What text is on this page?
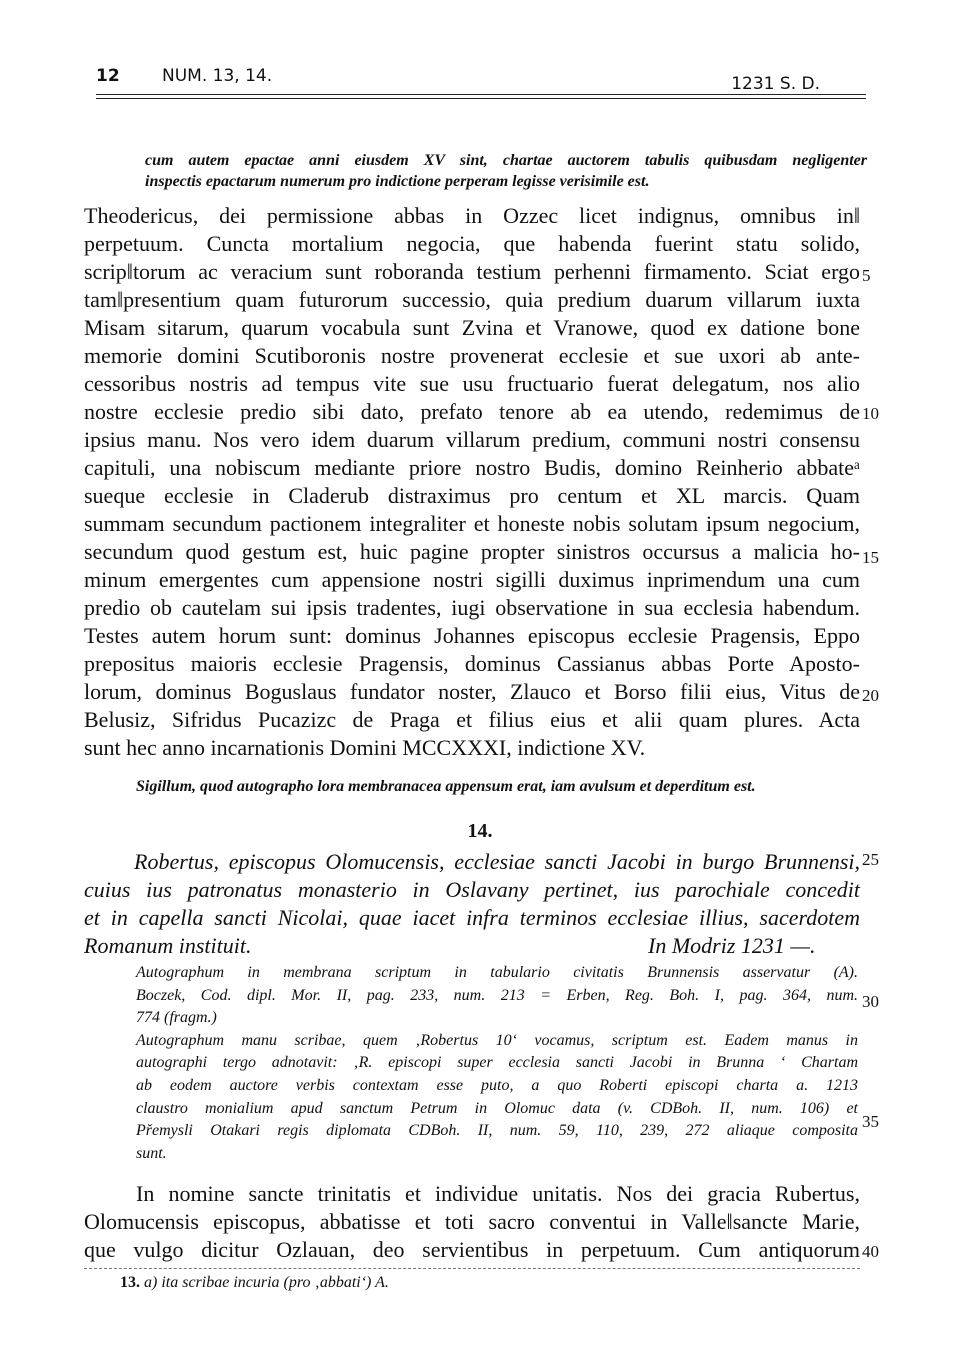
12 NUM. 13, 14.	1231 S. D.
cum autem epactae anni eiusdem XV sint, chartae auctorem tabulis quibusdam negligenter
inspectis epactarum numerum pro indictione perperam legisse verisimile est.
Theodericus, dei permissione abbas in Ozzec licet indignus, omnibus in‖
perpetuum. Cuncta mortalium negocia, que habenda fuerint statu solido,
scrip‖torum ac veracium sunt roboranda testium perhenni firmamento. Sciat ergo
tam‖presentium quam futurorum successio, quia predium duarum villarum iuxta
Misam sitarum, quarum vocabula sunt Zvina et Vranowe, quod ex datione bone
memorie domini Scutiboronis nostre provenerat ecclesie et sue uxori ab ante-
cessoribus nostris ad tempus vite sue usu fructuario fuerat delegatum, nos alio
nostre ecclesie predio sibi dato, prefato tenore ab ea utendo, redemimus de
ipsius manu. Nos vero idem duarum villarum predium, communi nostri consensu
capituli, una nobiscum mediante priore nostro Budis, domino Reinherio abbateᵃ
sueque ecclesie in Claderub distraximus pro centum et XL marcis. Quam
summam secundum pactionem integraliter et honeste nobis solutam ipsum negocium,
secundum quod gestum est, huic pagine propter sinistros occursus a malicia ho-
minum emergentes cum appensione nostri sigilli duximus inprimendum una cum
predio ob cautelam sui ipsis tradentes, iugi observatione in sua ecclesia habendum.
Testes autem horum sunt: dominus Johannes episcopus ecclesie Pragensis, Eppo
prepositus maioris ecclesie Pragensis, dominus Cassianus abbas Porte Aposto-
lorum, dominus Boguslaus fundator noster, Zlauco et Borso filii eius, Vitus de
Belusiz, Sifridus Pucazizc de Praga et filius eius et alii quam plures. Acta
sunt hec anno incarnationis Domini MCCXXXI, indictione XV.
Sigillum, quod autographo lora membranacea appensum erat, iam avulsum et deperditum est.
14.
Robertus, episcopus Olomucensis, ecclesiae sancti Jacobi in burgo Brunnensi,
cuius ius patronatus monasterio in Oslavany pertinet, ius parochiale concedit
et in capella sancti Nicolai, quae iacet infra terminos ecclesiae illius, sacerdotem
Romanum instituit.	In Modriz 1231 —.
Autographum in membrana scriptum in tabulario civitatis Brunnensis asservatur (A).
Boczek, Cod. dipl. Mor. II, pag. 233, num. 213 = Erben, Reg. Boh. I, pag. 364, num.
774 (fragm.)
Autographum manu scribae, quem ‚Robertus 10‘ vocamus, scriptum est. Eadem manus in
autographi tergo adnotavit: ‚R. episcopi super ecclesia sancti Jacobi in Brunna ‘ Chartam
ab eodem auctore verbis contextam esse puto, a quo Roberti episcopi charta a. 1213
claustro monialium apud sanctum Petrum in Olomuc data (v. CDBoh. II, num. 106) et
Přemysli Otakari regis diplomata CDBoh. II, num. 59, 110, 239, 272 aliaque composita
sunt.
In nomine sancte trinitatis et individue unitatis. Nos dei gracia Rubertus,
Olomucensis episcopus, abbatisse et toti sacro conventui in Valle‖sancte Marie,
que vulgo dicitur Ozlauan, deo servientibus in perpetuum. Cum antiquorum
5
10
15
20
25
30
35
40
13. a) ita scribae incuria (pro ‚abbati‘) A.
